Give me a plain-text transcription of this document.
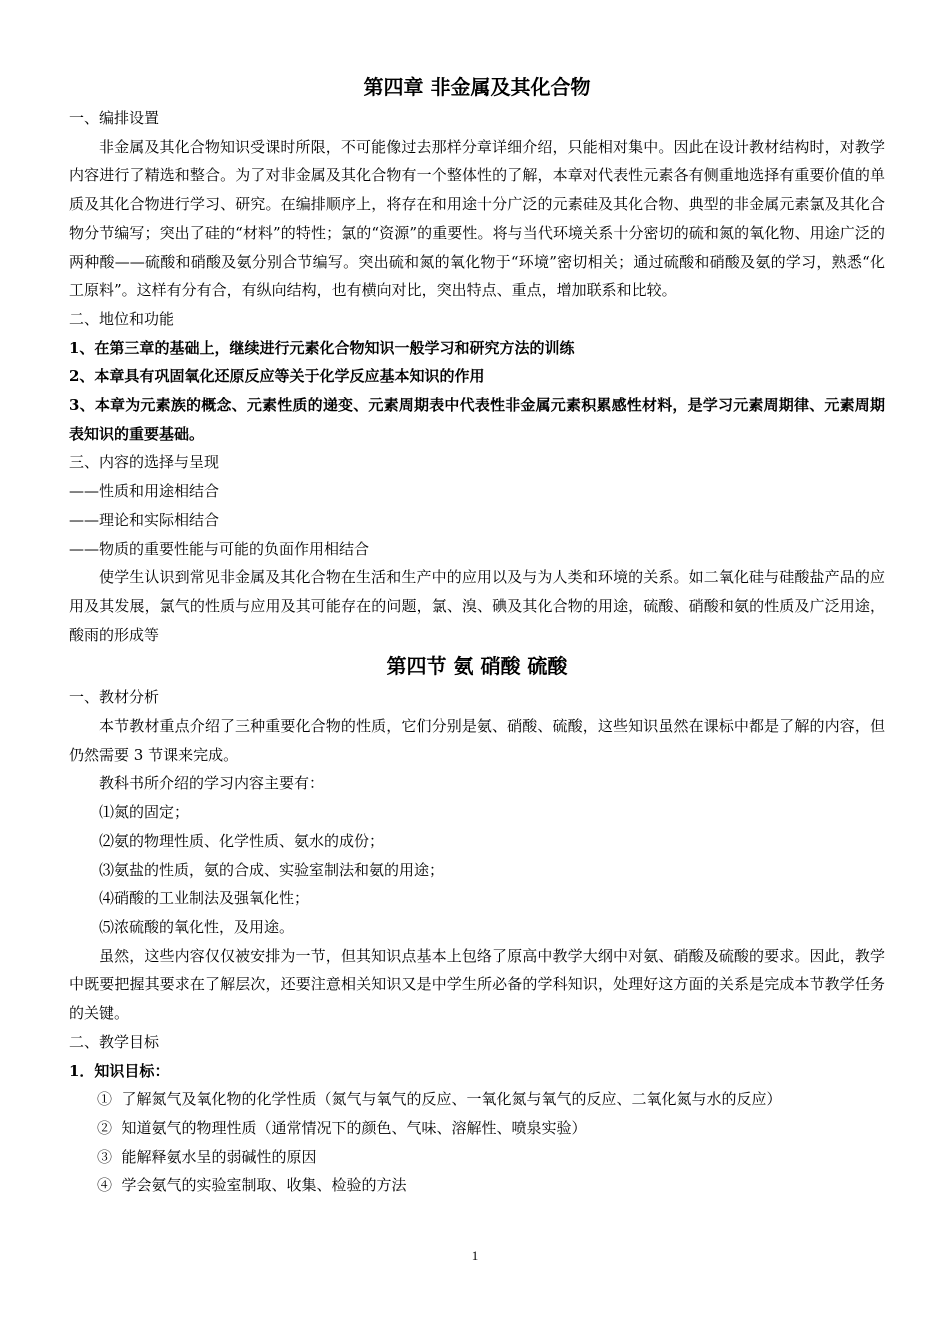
第四章 非金属及其化合物

一、编排设置

非金属及其化合物知识受课时所限，不可能像过去那样分章详细介绍，只能相对集中。因此在设计教材结构时，对教学内容进行了精选和整合。为了对非金属及其化合物有一个整体性的了解，本章对代表性元素各有侧重地选择有重要价值的单质及其化合物进行学习、研究。在编排顺序上，将存在和用途十分广泛的元素硅及其化合物、典型的非金属元素氯及其化合物分节编写；突出了硅的“材料”的特性；氯的“资源”的重要性。将与当代环境关系十分密切的硫和氮的氧化物、用途广泛的两种酸——硫酸和硝酸及氨分别合节编写。突出硫和氮的氧化物于“环境”密切相关；通过硫酸和硝酸及氨的学习，熟悉“化工原料”。这样有分有合，有纵向结构，也有横向对比，突出特点、重点，增加联系和比较。

二、地位和功能

1、在第三章的基础上，继续进行元素化合物知识一般学习和研究方法的训练

2、本章具有巩固氧化还原反应等关于化学反应基本知识的作用

3、本章为元素族的概念、元素性质的递变、元素周期表中代表性非金属元素积累感性材料，是学习元素周期律、元素周期表知识的重要基础。

三、内容的选择与呈现

——性质和用途相结合

——理论和实际相结合

——物质的重要性能与可能的负面作用相结合

使学生认识到常见非金属及其化合物在生活和生产中的应用以及与为人类和环境的关系。如二氧化硅与硅酸盐产品的应用及其发展，氯气的性质与应用及其可能存在的问题，氯、溴、碘及其化合物的用途，硫酸、硝酸和氨的性质及广泛用途，酸雨的形成等

第四节 氨 硝酸 硫酸

一、教材分析

本节教材重点介绍了三种重要化合物的性质，它们分别是氨、硝酸、硫酸，这些知识虽然在课标中都是了解的内容，但仍然需要 3 节课来完成。

教科书所介绍的学习内容主要有：

⑴氮的固定；

⑵氨的物理性质、化学性质、氨水的成份；

⑶氨盐的性质，氨的合成、实验室制法和氨的用途；

⑷硝酸的工业制法及强氧化性；

⑸浓硫酸的氧化性，及用途。

虽然，这些内容仅仅被安排为一节，但其知识点基本上包络了原高中教学大纲中对氨、硝酸及硫酸的要求。因此，教学中既要把握其要求在了解层次，还要注意相关知识又是中学生所必备的学科知识，处理好这方面的关系是完成本节教学任务的关键。

二、教学目标

1．知识目标：

①  了解氮气及氧化物的化学性质（氮气与氧气的反应、一氧化氮与氧气的反应、二氧化氮与水的反应）

②  知道氨气的物理性质（通常情况下的颜色、气味、溶解性、喷泉实验）

③  能解释氨水呈的弱碱性的原因

④  学会氨气的实验室制取、收集、检验的方法

1
